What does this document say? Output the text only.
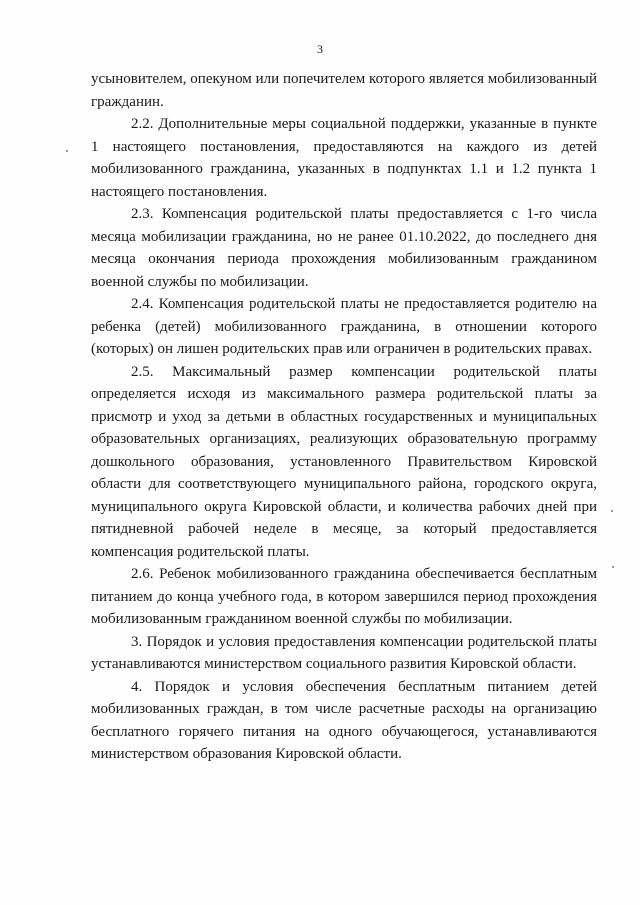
3

усыновителем, опекуном или попечителем которого является мобилизованный гражданин.

2.2. Дополнительные меры социальной поддержки, указанные в пункте 1 настоящего постановления, предоставляются на каждого из детей мобилизованного гражданина, указанных в подпунктах 1.1 и 1.2 пункта 1 настоящего постановления.

2.3. Компенсация родительской платы предоставляется с 1-го числа месяца мобилизации гражданина, но не ранее 01.10.2022, до последнего дня месяца окончания периода прохождения мобилизованным гражданином военной службы по мобилизации.

2.4. Компенсация родительской платы не предоставляется родителю на ребенка (детей) мобилизованного гражданина, в отношении которого (которых) он лишен родительских прав или ограничен в родительских правах.

2.5. Максимальный размер компенсации родительской платы определяется исходя из максимального размера родительской платы за присмотр и уход за детьми в областных государственных и муниципальных образовательных организациях, реализующих образовательную программу дошкольного образования, установленного Правительством Кировской области для соответствующего муниципального района, городского округа, муниципального округа Кировской области, и количества рабочих дней при пятидневной рабочей неделе в месяце, за который предоставляется компенсация родительской платы.

2.6. Ребенок мобилизованного гражданина обеспечивается бесплатным питанием до конца учебного года, в котором завершился период прохождения мобилизованным гражданином военной службы по мобилизации.

3. Порядок и условия предоставления компенсации родительской платы устанавливаются министерством социального развития Кировской области.

4. Порядок и условия обеспечения бесплатным питанием детей мобилизованных граждан, в том числе расчетные расходы на организацию бесплатного горячего питания на одного обучающегося, устанавливаются министерством образования Кировской области.
